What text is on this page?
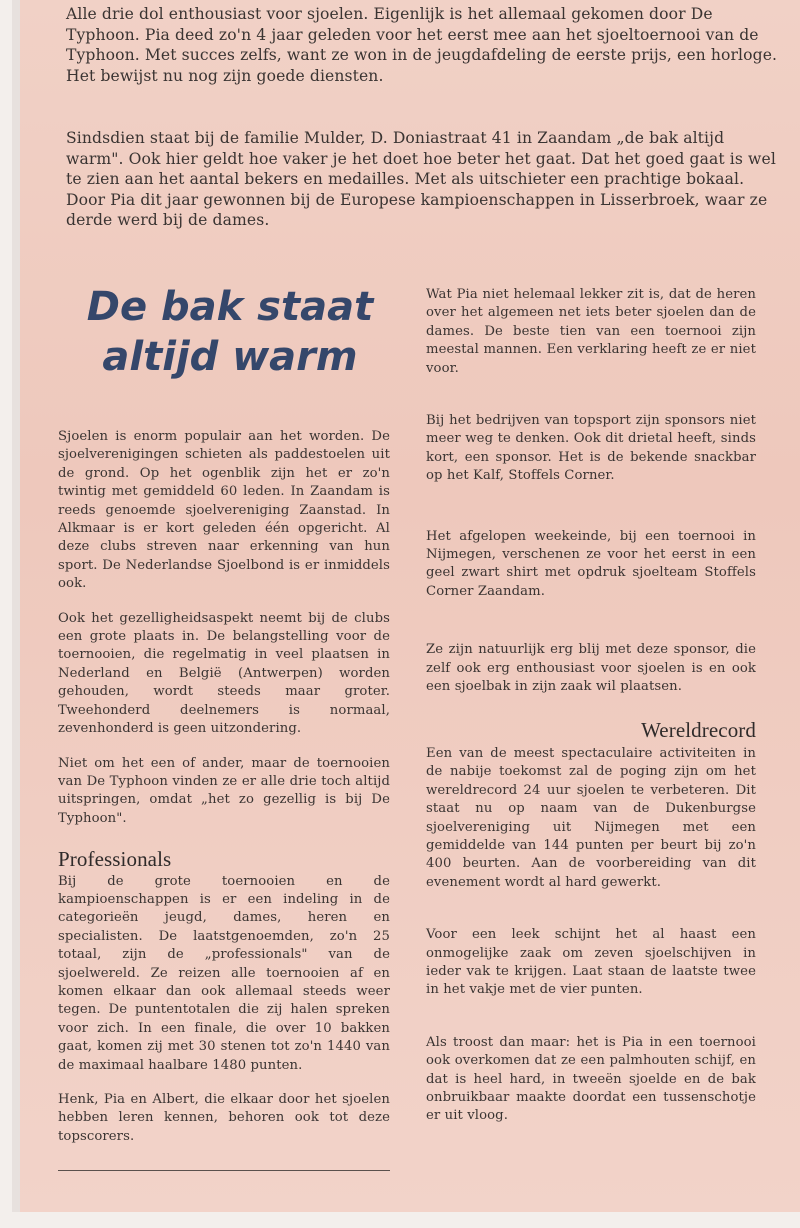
Alle drie dol enthousiast voor sjoelen. Eigenlijk is het allemaal gekomen door De Typhoon. Pia deed zo'n 4 jaar geleden voor het eerst mee aan het sjoeltoernooi van de Typhoon. Met succes zelfs, want ze won in de jeugdafdeling de eerste prijs, een horloge. Het bewijst nu nog zijn goede diensten.

Sindsdien staat bij de familie Mulder, D. Doniastraat 41 in Zaandam „de bak altijd warm". Ook hier geldt hoe vaker je het doet hoe beter het gaat. Dat het goed gaat is wel te zien aan het aantal bekers en medailles. Met als uitschieter een prachtige bokaal. Door Pia dit jaar gewonnen bij de Europese kampioenschappen in Lisserbroek, waar ze derde werd bij de dames.

De bak staat
altijd warm

Sjoelen is enorm populair aan het worden. De sjoelverenigingen schieten als paddestoelen uit de grond. Op het ogenblik zijn het er zo'n twintig met gemiddeld 60 leden. In Zaandam is reeds genoemde sjoelvereniging Zaanstad. In Alkmaar is er kort geleden één opgericht. Al deze clubs streven naar erkenning van hun sport. De Nederlandse Sjoelbond is er inmiddels ook.

Ook het gezelligheidsaspekt neemt bij de clubs een grote plaats in. De belangstelling voor de toernooien, die regelmatig in veel plaatsen in Nederland en België (Antwerpen) worden gehouden, wordt steeds maar groter. Tweehonderd deelnemers is normaal, zevenhonderd is geen uitzondering.

Niet om het een of ander, maar de toernooien van De Typhoon vinden ze er alle drie toch altijd uitspringen, omdat „het zo gezellig is bij De Typhoon".

Professionals

Bij de grote toernooien en de kampioenschappen is er een indeling in de categorieën jeugd, dames, heren en specialisten. De laatstgenoemden, zo'n 25 totaal, zijn de „professionals" van de sjoelwereld. Ze reizen alle toernooien af en komen elkaar dan ook allemaal steeds weer tegen. De puntentotalen die zij halen spreken voor zich. In een finale, die over 10 bakken gaat, komen zij met 30 stenen tot zo'n 1440 van de maximaal haalbare 1480 punten.

Henk, Pia en Albert, die elkaar door het sjoelen hebben leren kennen, behoren ook tot deze topscorers.

Wat Pia niet helemaal lekker zit is, dat de heren over het algemeen net iets beter sjoelen dan de dames. De beste tien van een toernooi zijn meestal mannen. Een verklaring heeft ze er niet voor.

Bij het bedrijven van topsport zijn sponsors niet meer weg te denken. Ook dit drietal heeft, sinds kort, een sponsor. Het is de bekende snackbar op het Kalf, Stoffels Corner.

Het afgelopen weekeinde, bij een toernooi in Nijmegen, verschenen ze voor het eerst in een geel zwart shirt met opdruk sjoelteam Stoffels Corner Zaandam.

Ze zijn natuurlijk erg blij met deze sponsor, die zelf ook erg enthousiast voor sjoelen is en ook een sjoelbak in zijn zaak wil plaatsen.

Wereldrecord

Een van de meest spectaculaire activiteiten in de nabije toekomst zal de poging zijn om het wereldrecord 24 uur sjoelen te verbeteren. Dit staat nu op naam van de Dukenburgse sjoelvereniging uit Nijmegen met een gemiddelde van 144 punten per beurt bij zo'n 400 beurten. Aan de voorbereiding van dit evenement wordt al hard gewerkt.

Voor een leek schijnt het al haast een onmogelijke zaak om zeven sjoelschijven in ieder vak te krijgen. Laat staan de laatste twee in het vakje met de vier punten.

Als troost dan maar: het is Pia in een toernooi ook overkomen dat ze een palmhouten schijf, en dat is heel hard, in tweeën sjoelde en de bak onbruikbaar maakte doordat een tussenschotje er uit vloog.
